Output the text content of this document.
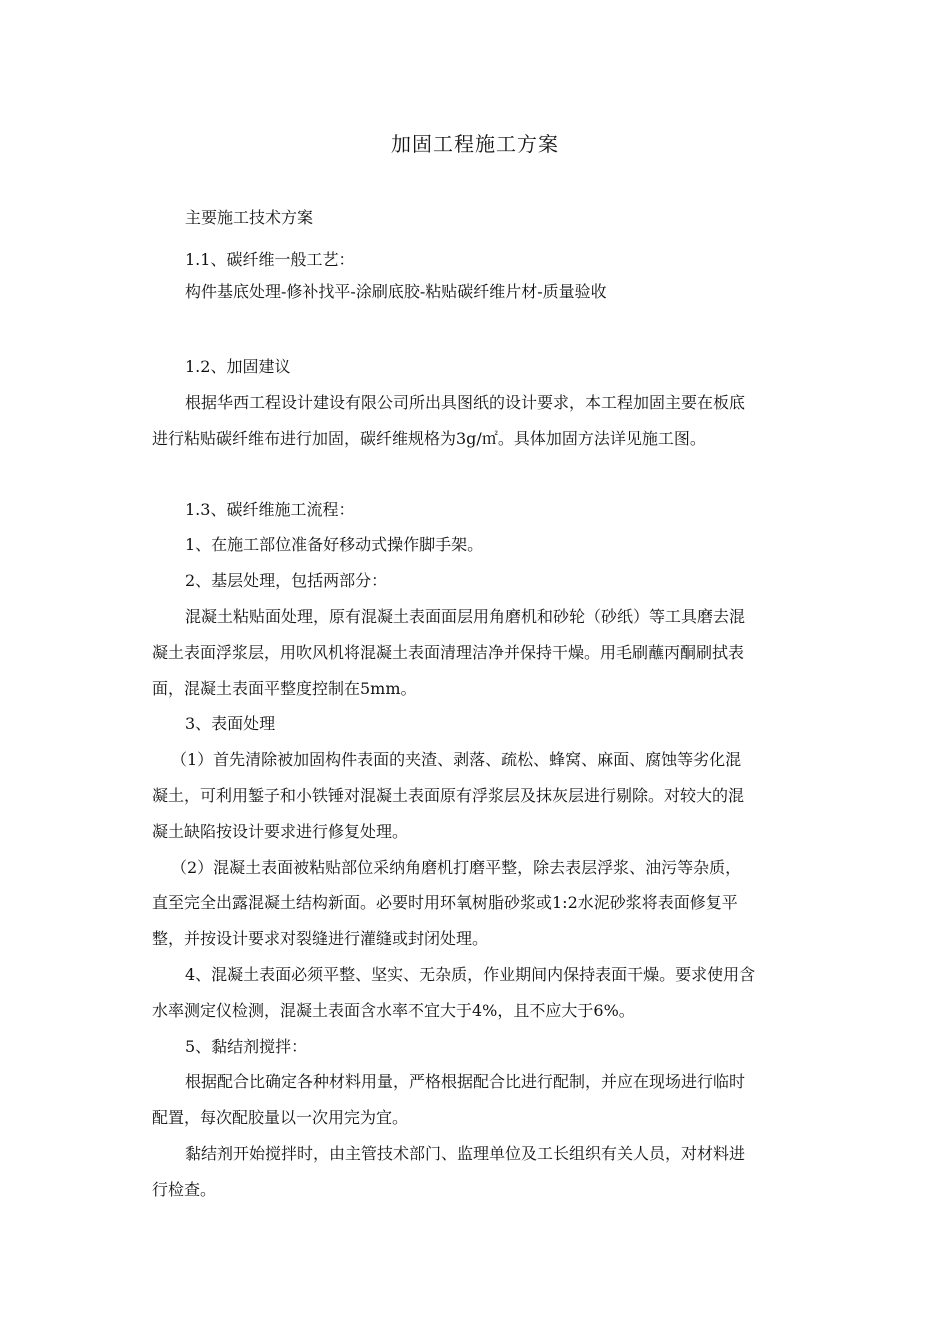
加固工程施工方案
主要施工技术方案
1.1、碳纤维一般工艺：
构件基底处理-修补找平-涂刷底胶-粘贴碳纤维片材-质量验收
1.2、加固建议
根据华西工程设计建设有限公司所出具图纸的设计要求，本工程加固主要在板底
进行粘贴碳纤维布进行加固，碳纤维规格为3g/㎡。具体加固方法详见施工图。
1.3、碳纤维施工流程：
1、在施工部位准备好移动式操作脚手架。
2、基层处理，包括两部分：
混凝土粘贴面处理，原有混凝土表面面层用角磨机和砂轮（砂纸）等工具磨去混
凝土表面浮浆层，用吹风机将混凝土表面清理洁净并保持干燥。用毛刷蘸丙酮刷拭表
面，混凝土表面平整度控制在5mm。
3、表面处理
（1）首先清除被加固构件表面的夹渣、剥落、疏松、蜂窝、麻面、腐蚀等劣化混
凝土，可利用錾子和小铁锤对混凝土表面原有浮浆层及抹灰层进行剔除。对较大的混
凝土缺陷按设计要求进行修复处理。
（2）混凝土表面被粘贴部位采纳角磨机打磨平整，除去表层浮浆、油污等杂质，
直至完全出露混凝土结构新面。必要时用环氧树脂砂浆或1:2水泥砂浆将表面修复平
整，并按设计要求对裂缝进行灌缝或封闭处理。
4、混凝土表面必须平整、坚实、无杂质，作业期间内保持表面干燥。要求使用含
水率测定仪检测，混凝土表面含水率不宜大于4%，且不应大于6%。
5、黏结剂搅拌：
根据配合比确定各种材料用量，严格根据配合比进行配制，并应在现场进行临时
配置，每次配胶量以一次用完为宜。
黏结剂开始搅拌时，由主管技术部门、监理单位及工长组织有关人员，对材料进
行检查。
